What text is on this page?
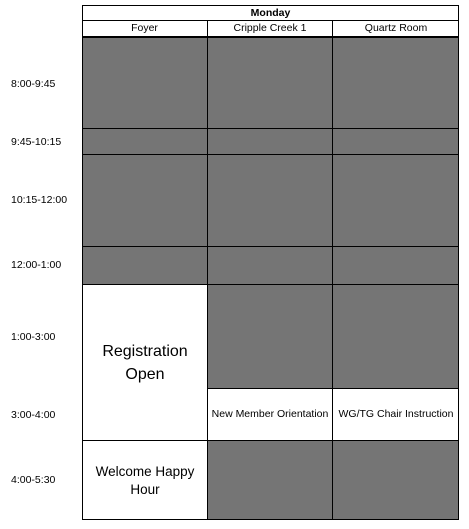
8:00-9:45
9:45-10:15
10:15-12:00
12:00-1:00
1:00-3:00
3:00-4:00
4:00-5:30
Monday
Foyer	Cripple Creek 1	Quartz Room
Registration Open
Welcome Happy Hour
New Member Orientation WG/TG Chair Instruction
